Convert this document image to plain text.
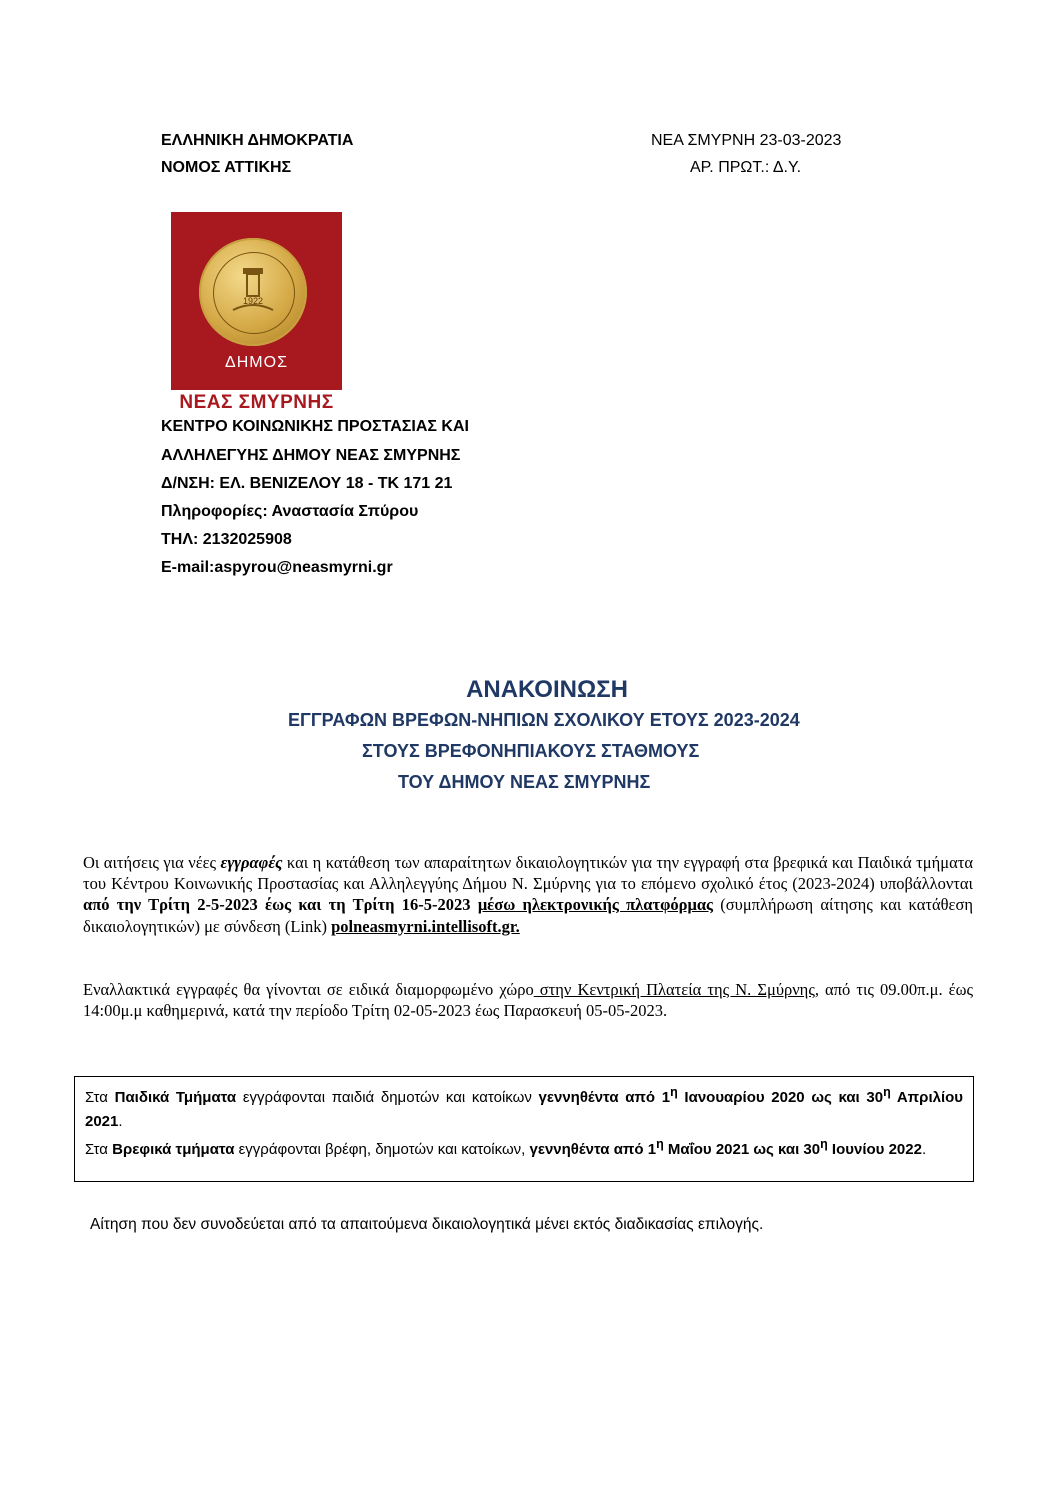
ΕΛΛΗΝΙΚΗ ΔΗΜΟΚΡΑΤΙΑ
ΝΟΜΟΣ ΑΤΤΙΚΗΣ
ΝΕΑ ΣΜΥΡΝΗ 23-03-2023
ΑΡ. ΠΡΩΤ.: Δ.Υ.
1922
ΔΗΜΟΣ
ΝΕΑΣ ΣΜΥΡΝΗΣ
ΚΕΝΤΡΟ ΚΟΙΝΩΝΙΚΗΣ ΠΡΟΣΤΑΣΙΑΣ ΚΑΙ
ΑΛΛΗΛΕΓΥΗΣ ΔΗΜΟΥ ΝΕΑΣ ΣΜΥΡΝΗΣ
Δ/ΝΣΗ: ΕΛ. ΒΕΝΙΖΕΛΟΥ 18 - ΤΚ 171 21
Πληροφορίες: Αναστασία Σπύρου
ΤΗΛ: 2132025908
E-mail:aspyrou@neasmyrni.gr
ΑΝΑΚΟΙΝΩΣΗ
ΕΓΓΡΑΦΩΝ ΒΡΕΦΩΝ-ΝΗΠΙΩΝ ΣΧΟΛΙΚΟΥ ΕΤΟΥΣ 2023-2024
ΣΤΟΥΣ ΒΡΕΦΟΝΗΠΙΑΚΟΥΣ ΣΤΑΘΜΟΥΣ
ΤΟΥ ΔΗΜΟΥ ΝΕΑΣ ΣΜΥΡΝΗΣ
Οι αιτήσεις για νέες εγγραφές και η κατάθεση των απαραίτητων δικαιολογητικών για την εγγραφή στα βρεφικά και Παιδικά τμήματα του Κέντρου Κοινωνικής Προστασίας και Αλληλεγγύης Δήμου Ν. Σμύρνης για το επόμενο σχολικό έτος (2023-2024) υποβάλλονται από την Τρίτη 2-5-2023 έως και τη Τρίτη 16-5-2023 μέσω ηλεκτρονικής πλατφόρμας (συμπλήρωση αίτησης και κατάθεση δικαιολογητικών) με σύνδεση (Link) polneasmyrni.intellisoft.gr.
Εναλλακτικά εγγραφές θα γίνονται σε ειδικά διαμορφωμένο χώρο στην Κεντρική Πλατεία της Ν. Σμύρνης, από τις 09.00π.μ. έως 14:00μ.μ καθημερινά, κατά την περίοδο Τρίτη 02-05-2023 έως Παρασκευή 05-05-2023.
Στα Παιδικά Τμήματα εγγράφονται παιδιά δημοτών και κατοίκων γεννηθέντα από $1^\eta$ Ιανουαρίου 2020 ως και $30^\eta$ Απριλίου 2021.
Στα Βρεφικά τμήματα εγγράφονται βρέφη, δημοτών και κατοίκων, γεννηθέντα από $1^\eta$ Μαΐου 2021 ως και $30^\eta$ Ιουνίου 2022.
Αίτηση που δεν συνοδεύεται από τα απαιτούμενα δικαιολογητικά μένει εκτός διαδικασίας επιλογής.
